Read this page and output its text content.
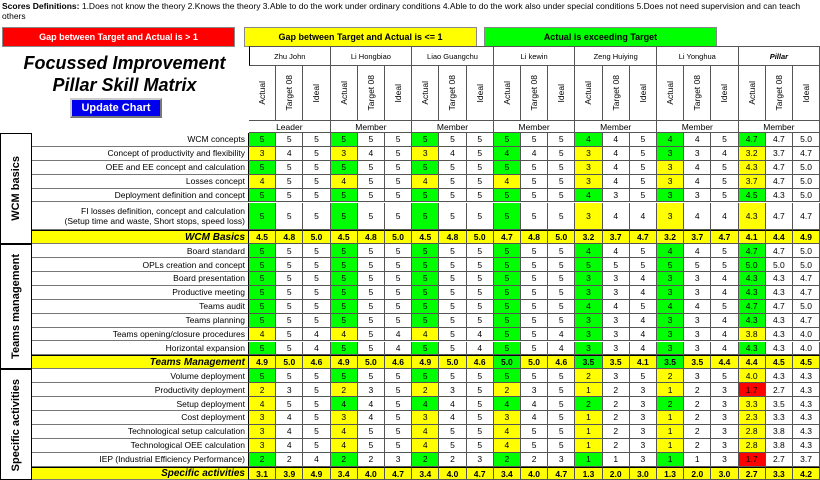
Scores Definitions: 1.Does not know the theory 2.Knows the theory 3.Able to do the work under ordinary conditions 4.Able to do the work also under special conditions 5.Does not need supervision and can teach others
Gap between Target and Actual is > 1	Gap between Target and Actual is <= 1	Actual is exceeding Target
Zhu John
Actual Target 08 Ideal
Leader
Li Hongbiao
Actual Target 08 Ideal
Member
Liao Guangchu
Actual Target 08 Ideal
Member
Li kewin
Actual Target 08 Ideal
Member
Zeng Huiying
Actual Target 08 Ideal
Member
Li Yonghua
Actual Target 08 Ideal
Member
Pillar
Actual Target 08 Ideal
Member
WCM concepts	5	5	5	5	5	5	5	5	5	5	5	5	4	4	5	4	4	5	4.7	4.7	5.0
Concept of productivity and flexibility	3	4	5	3	4	5	3	4	5	4	4	5	3	4	5	3	3	4	3.2	3.7	4.7
OEE and EE concept and calculation	5	5	5	5	5	5	5	5	5	5	5	5	3	4	5	3	4	5	4.3	4.7	5.0
Losses concept	4	5	5	4	5	5	4	5	5	4	5	5	3	4	5	3	4	5	3.7	4.7	5.0
Deployment definition and concept	5	5	5	5	5	5	5	5	5	5	5	5	4	3	5	3	3	5	4.5	4.3	5.0
FI losses definition, concept and calculation
(Setup time and waste, Short stops, speed loss)	5	5	5	5	5	5	5	5	5	5	5	5	3	4	4	3	4	4	4.3	4.7	4.7
WCM Basics	4.5	4.8	5.0	4.5	4.8	5.0	4.5	4.8	5.0	4.7	4.8	5.0	3.2	3.7	4.7	3.2	3.7	4.7	4.1	4.4	4.9
WCM basics
Board standard	5	5	5	5	5	5	5	5	5	5	5	5	4	4	5	4	4	5	4.7	4.7	5.0
OPLs creation and concept	5	5	5	5	5	5	5	5	5	5	5	5	5	5	5	5	5	5	5.0	5.0	5.0
Board presentation	5	5	5	5	5	5	5	5	5	5	5	5	3	3	4	3	3	4	4.3	4.3	4.7
Productive meeting	5	5	5	5	5	5	5	5	5	5	5	5	3	3	4	3	3	4	4.3	4.3	4.7
Teams audit	5	5	5	5	5	5	5	5	5	5	5	5	4	4	5	4	4	5	4.7	4.7	5.0
Teams planning	5	5	5	5	5	5	5	5	5	5	5	5	3	3	4	3	3	4	4.3	4.3	4.7
Teams opening/closure procedures	4	5	4	4	5	4	4	5	4	5	5	4	3	3	4	3	3	4	3.8	4.3	4.0
Horizontal expansion	5	5	4	5	5	4	5	5	4	5	5	4	3	3	4	3	3	4	4.3	4.3	4.0
Teams Management	4.9	5.0	4.6	4.9	5.0	4.6	4.9	5.0	4.6	5.0	5.0	4.6	3.5	3.5	4.1	3.5	3.5	4.4	4.4	4.5	4.5
Teams management
Volume deployment	5	5	5	5	5	5	5	5	5	5	5	5	2	3	5	2	3	5	4.0	4.3	4.3
Productivity deployment	2	3	5	2	3	5	2	3	5	2	3	5	1	2	3	1	2	3	1.7	2.7	4.3
Setup deployment	4	5	5	4	4	5	4	4	5	4	4	5	2	2	3	2	2	3	3.3	3.5	4.3
Cost deployment	3	4	5	3	4	5	3	4	5	3	4	5	1	2	3	1	2	3	2.3	3.3	4.3
Technological setup calculation	3	4	5	4	5	5	4	5	5	4	5	5	1	2	3	1	2	3	2.8	3.8	4.3
Technological OEE calculation	3	4	5	4	5	5	4	5	5	4	5	5	1	2	3	1	2	3	2.8	3.8	4.3
IEP (Industrial Efficiency Performance)	2	2	4	2	2	3	2	2	3	2	2	3	1	1	3	1	1	3	1.7	2.7	3.7
Specific activities	3.1	3.9	4.9	3.4	4.0	4.7	3.4	4.0	4.7	3.4	4.0	4.7	1.3	2.0	3.0	1.3	2.0	3.0	2.7	3.3	4.2
Specific activities
Focussed Improvement
Pillar Skill Matrix
Update Chart
